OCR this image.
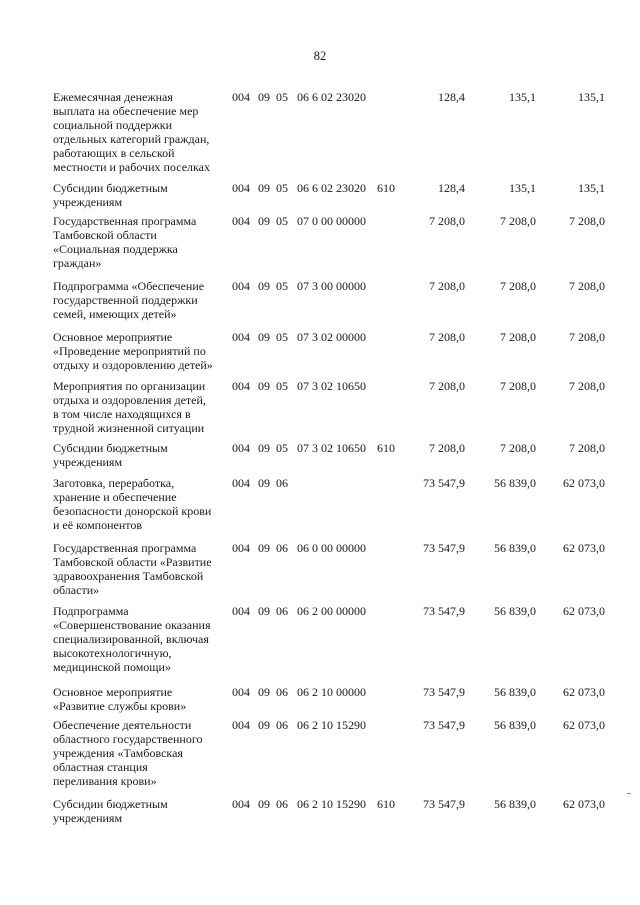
82
Ежемесячная денежная
выплата на обеспечение мер
социальной поддержки
отдельных категорий граждан,
работающих в сельской
местности и рабочих поселках
004 09 05 06 6 02 23020	128,4	135,1	135,1
Субсидии бюджетным
учреждениям
004 09 05 06 6 02 23020 610	128,4	135,1	135,1
Государственная программа
Тамбовской области
«Социальная поддержка
граждан»
004 09 05 07 0 00 00000	7 208,0	7 208,0	7 208,0
Подпрограмма «Обеспечение
государственной поддержки
семей, имеющих детей»
004 09 05 07 3 00 00000	7 208,0	7 208,0	7 208,0
Основное мероприятие
«Проведение мероприятий по
отдыху и оздоровлению детей»
004 09 05 07 3 02 00000	7 208,0	7 208,0	7 208,0
Мероприятия по организации
отдыха и оздоровления детей,
в том числе находящихся в
трудной жизненной ситуации
004 09 05 07 3 02 10650	7 208,0	7 208,0	7 208,0
Субсидии бюджетным
учреждениям
004 09 05 07 3 02 10650 610	7 208,0	7 208,0	7 208,0
Заготовка, переработка,
хранение и обеспечение
безопасности донорской крови
и её компонентов
004 09 06	73 547,9	56 839,0	62 073,0
Государственная программа
Тамбовской области «Развитие
здравоохранения Тамбовской
области»
004 09 06 06 0 00 00000	73 547,9	56 839,0	62 073,0
Подпрограмма
«Совершенствование оказания
специализированной, включая
высокотехнологичную,
медицинской помощи»
004 09 06 06 2 00 00000	73 547,9	56 839,0	62 073,0
Основное мероприятие
«Развитие службы крови»
004 09 06 06 2 10 00000	73 547,9	56 839,0	62 073,0
Обеспечение деятельности
областного государственного
учреждения «Тамбовская
областная станция
переливания крови»
004 09 06 06 2 10 15290	73 547,9	56 839,0	62 073,0
Субсидии бюджетным
учреждениям
004 09 06 06 2 10 15290 610	73 547,9	56 839,0	62 073,0
